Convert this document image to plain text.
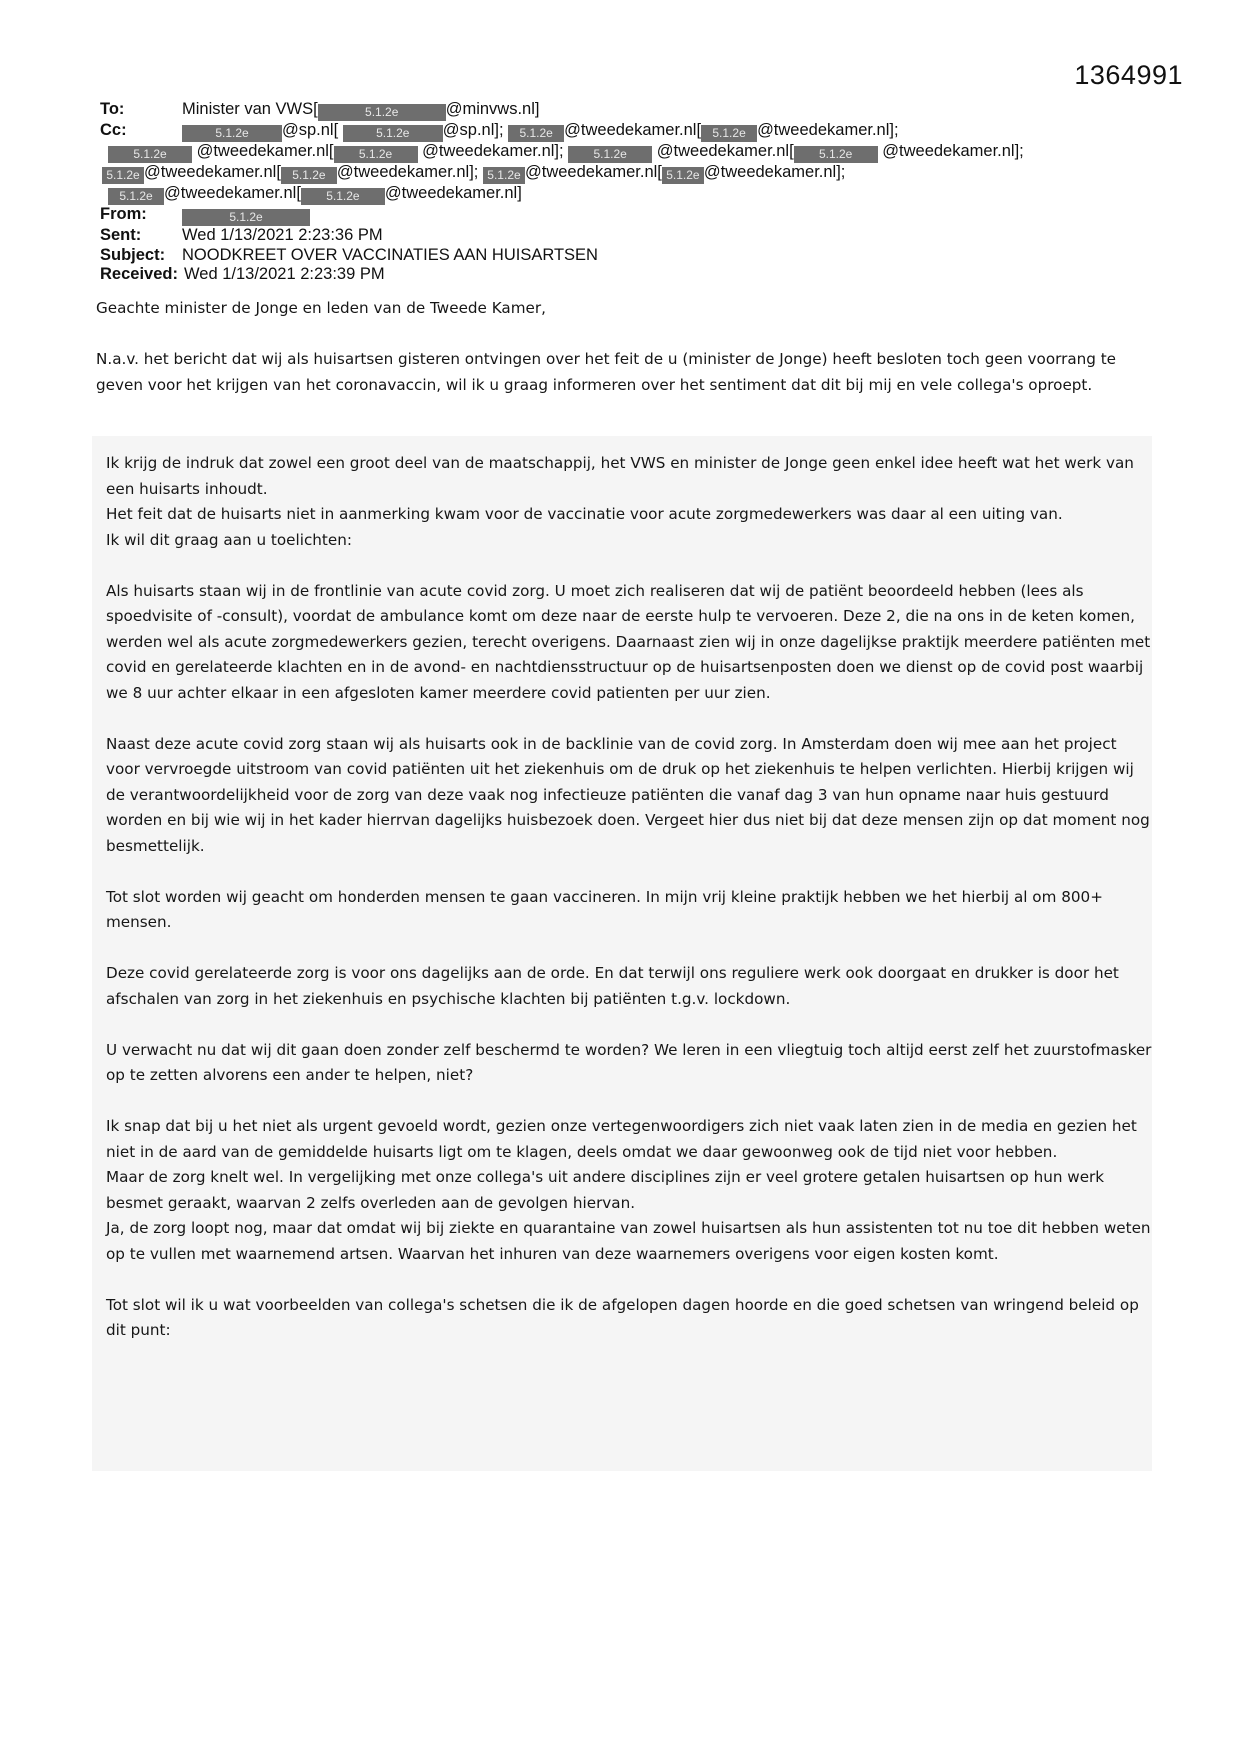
1364991
To:	Minister van VWS[	5.1.2e	@minvws.nl]
Cc:	5.1.2e @sp.nl[	5.1.2e @sp.nl]; 5.1.2e @tweedekamer.nl[ 5.1.2e @tweedekamer.nl];
5.1.2e @tweedekamer.nl[ 5.1.2e @tweedekamer.nl]; 5.1.2e @tweedekamer.nl[ 5.1.2e @tweedekamer.nl];
5.1.2e @tweedekamer.nl[ 5.1.2e @tweedekamer.nl]; 5.1.2e @tweedekamer.nl[ 5.1.2e @tweedekamer.nl];
5.1.2e @tweedekamer.nl[ 5.1.2e @tweedekamer.nl]
From:	5.1.2e
Sent:	Wed 1/13/2021 2:23:36 PM
Subject:	NOODKREET OVER VACCINATIES AAN HUISARTSEN
Received: Wed 1/13/2021 2:23:39 PM

Geachte minister de Jonge en leden van de Tweede Kamer,

N.a.v. het bericht dat wij als huisartsen gisteren ontvingen over het feit de u (minister de Jonge) heeft besloten toch geen voorrang te geven voor het krijgen van het coronavaccin, wil ik u graag informeren over het sentiment dat dit bij mij en vele collega's oproept.

Ik krijg de indruk dat zowel een groot deel van de maatschappij, het VWS en minister de Jonge geen enkel idee heeft wat het werk van een huisarts inhoudt.

Het feit dat de huisarts niet in aanmerking kwam voor de vaccinatie voor acute zorgmedewerkers was daar al een uiting van.

Ik wil dit graag aan u toelichten:

Als huisarts staan wij in de frontlinie van acute covid zorg. U moet zich realiseren dat wij de patiënt beoordeeld hebben (lees als spoedvisite of -consult), voordat de ambulance komt om deze naar de eerste hulp te vervoeren. Deze 2, die na ons in de keten komen, werden wel als acute zorgmedewerkers gezien, terecht overigens. Daarnaast zien wij in onze dagelijkse praktijk meerdere patiënten met covid en gerelateerde klachten en in de avond- en nachtdiensstructuur op de huisartsenposten doen we dienst op de covid post waarbij we 8 uur achter elkaar in een afgesloten kamer meerdere covid patienten per uur zien.

Naast deze acute covid zorg staan wij als huisarts ook in de backlinie van de covid zorg. In Amsterdam doen wij mee aan het project voor vervroegde uitstroom van covid patiënten uit het ziekenhuis om de druk op het ziekenhuis te helpen verlichten. Hierbij krijgen wij de verantwoordelijkheid voor de zorg van deze vaak nog infectieuze patiënten die vanaf dag 3 van hun opname naar huis gestuurd worden en bij wie wij in het kader hierrvan dagelijks huisbezoek doen. Vergeet hier dus niet bij dat deze mensen zijn op dat moment nog besmettelijk.

Tot slot worden wij geacht om honderden mensen te gaan vaccineren. In mijn vrij kleine praktijk hebben we het hierbij al om 800+ mensen.

Deze covid gerelateerde zorg is voor ons dagelijks aan de orde. En dat terwijl ons reguliere werk ook doorgaat en drukker is door het afschalen van zorg in het ziekenhuis en psychische klachten bij patiënten t.g.v. lockdown.

U verwacht nu dat wij dit gaan doen zonder zelf beschermd te worden? We leren in een vliegtuig toch altijd eerst zelf het zuurstofmasker op te zetten alvorens een ander te helpen, niet?

Ik snap dat bij u het niet als urgent gevoeld wordt, gezien onze vertegenwoordigers zich niet vaak laten zien in de media en gezien het niet in de aard van de gemiddelde huisarts ligt om te klagen, deels omdat we daar gewoonweg ook de tijd niet voor hebben.

Maar de zorg knelt wel. In vergelijking met onze collega's uit andere disciplines zijn er veel grotere getalen huisartsen op hun werk besmet geraakt, waarvan 2 zelfs overleden aan de gevolgen hiervan.

Ja, de zorg loopt nog, maar dat omdat wij bij ziekte en quarantaine van zowel huisartsen als hun assistenten tot nu toe dit hebben weten op te vullen met waarnemend artsen. Waarvan het inhuren van deze waarnemers overigens voor eigen kosten komt.

Tot slot wil ik u wat voorbeelden van collega's schetsen die ik de afgelopen dagen hoorde en die goed schetsen van wringend beleid op dit punt:
